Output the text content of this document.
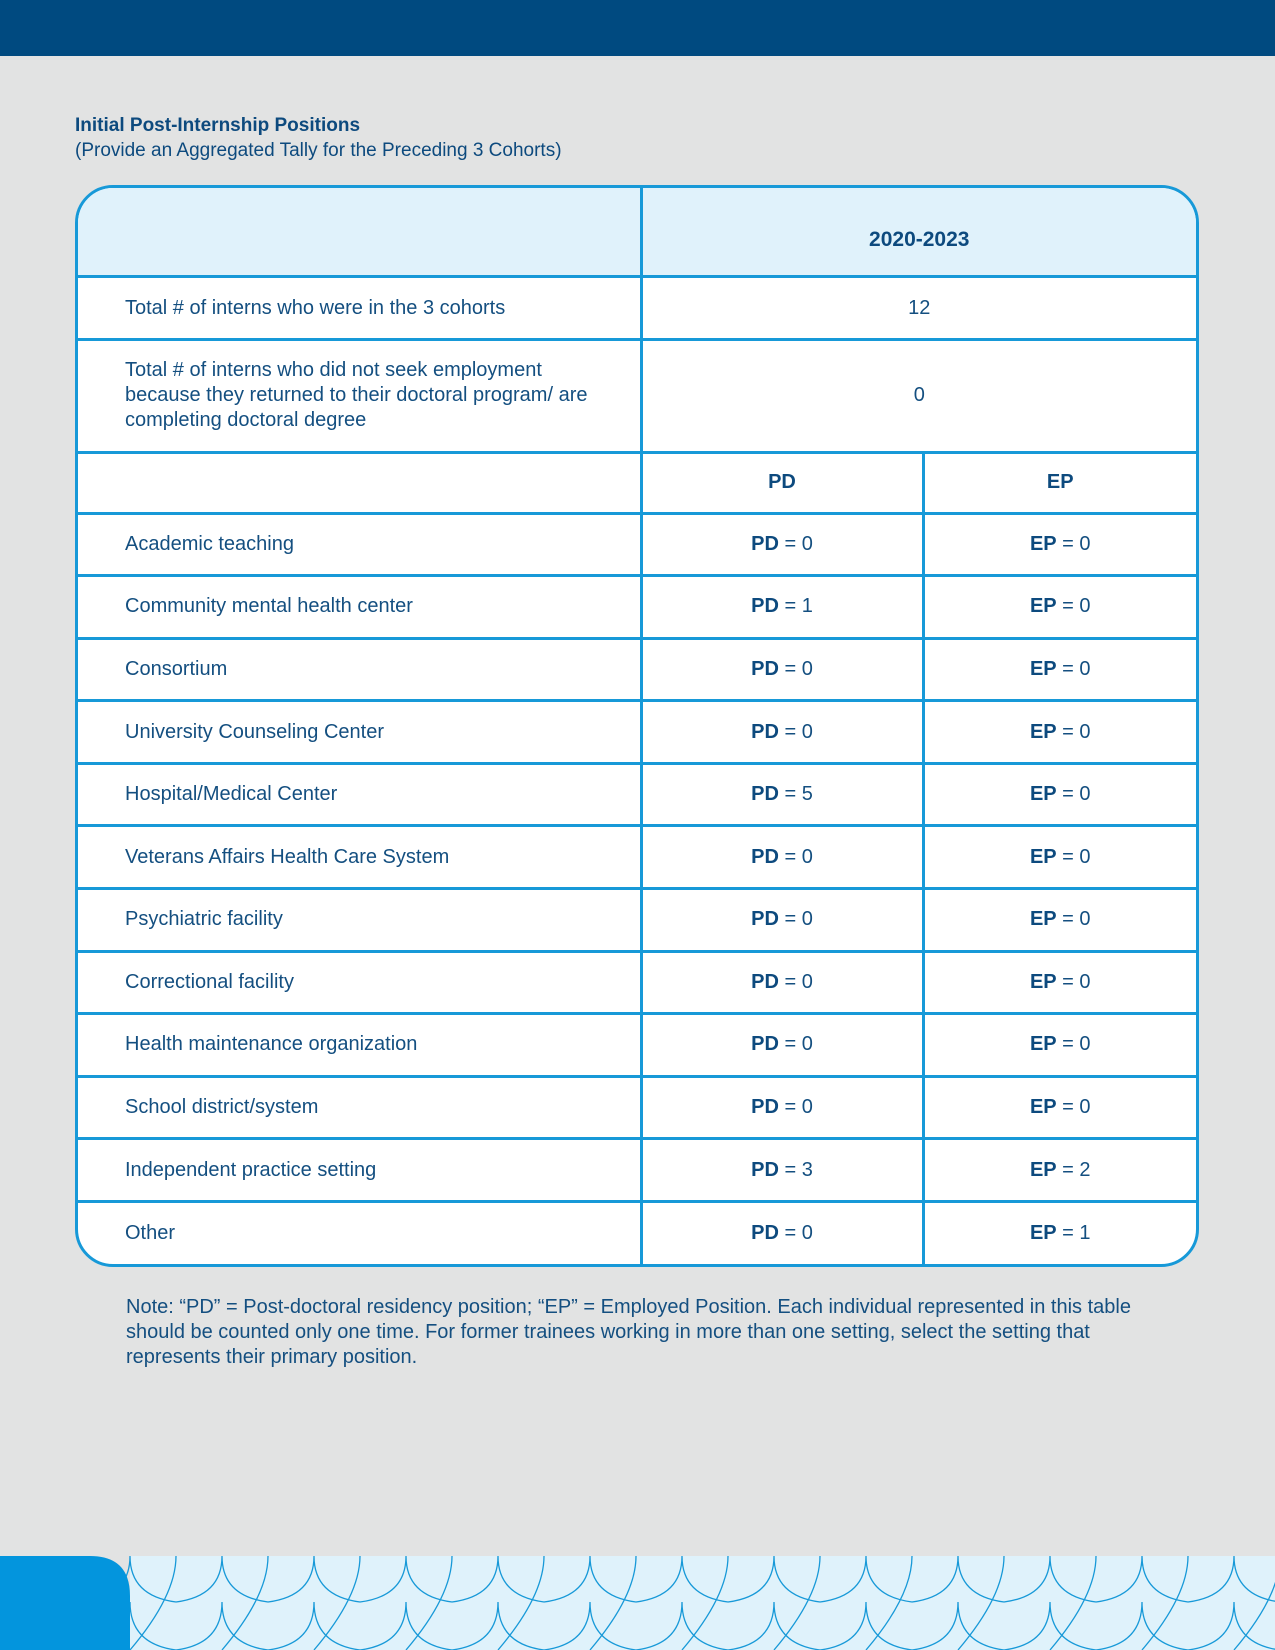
Initial Post-Internship Positions
(Provide an Aggregated Tally for the Preceding 3 Cohorts)
	2020-2023	
Total # of interns who were in the 3 cohorts	12	
Total # of interns who did not seek employment because they returned to their doctoral program/ are completing doctoral degree	0	
	PD	EP
Academic teaching	PD = 0	EP = 0
Community mental health center	PD = 1	EP = 0
Consortium	PD = 0	EP = 0
University Counseling Center	PD = 0	EP = 0
Hospital/Medical Center	PD = 5	EP = 0
Veterans Affairs Health Care System	PD = 0	EP = 0
Psychiatric facility	PD = 0	EP = 0
Correctional facility	PD = 0	EP = 0
Health maintenance organization	PD = 0	EP = 0
School district/system	PD = 0	EP = 0
Independent practice setting	PD = 3	EP = 2
Other	PD = 0	EP = 1
Note: “PD” = Post-doctoral residency position; “EP” = Employed Position. Each individual represented in this table should be counted only one time. For former trainees working in more than one setting, select the setting that represents their primary position.
